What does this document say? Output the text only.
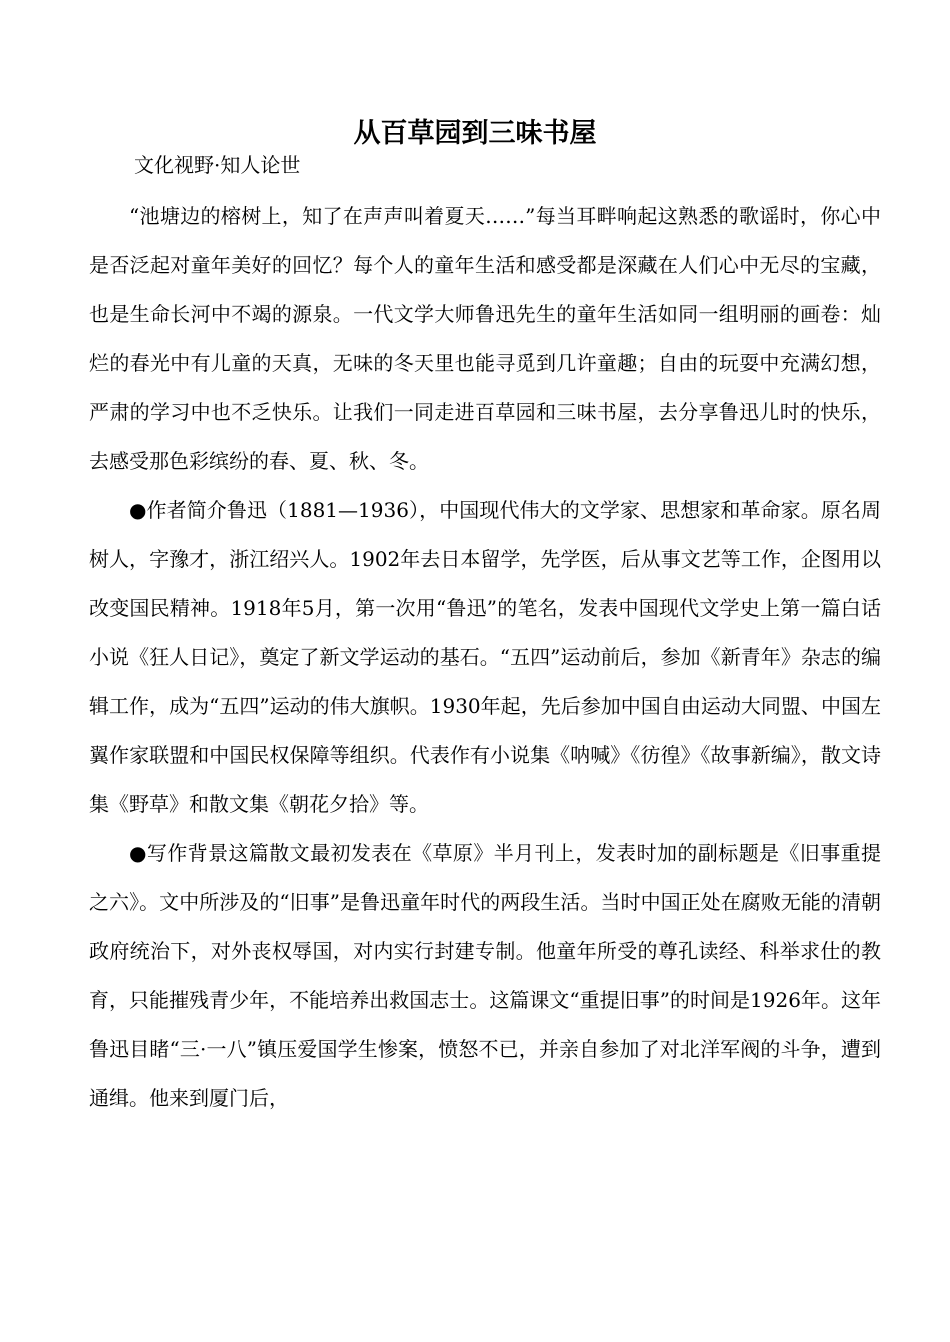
从百草园到三味书屋
文化视野·知人论世

“池塘边的榕树上，知了在声声叫着夏天……”每当耳畔响起这熟悉的歌谣时，你心中是否泛起对童年美好的回忆？每个人的童年生活和感受都是深藏在人们心中无尽的宝藏，也是生命长河中不竭的源泉。一代文学大师鲁迅先生的童年生活如同一组明丽的画卷：灿烂的春光中有儿童的天真，无味的冬天里也能寻觅到几许童趣；自由的玩耍中充满幻想，严肃的学习中也不乏快乐。让我们一同走进百草园和三味书屋，去分享鲁迅儿时的快乐，去感受那色彩缤纷的春、夏、秋、冬。

●作者简介鲁迅（1881—1936），中国现代伟大的文学家、思想家和革命家。原名周树人，字豫才，浙江绍兴人。1902年去日本留学，先学医，后从事文艺等工作，企图用以改变国民精神。1918年5月，第一次用“鲁迅”的笔名，发表中国现代文学史上第一篇白话小说《狂人日记》，奠定了新文学运动的基石。“五四”运动前后，参加《新青年》杂志的编辑工作，成为“五四”运动的伟大旗帜。1930年起，先后参加中国自由运动大同盟、中国左翼作家联盟和中国民权保障等组织。代表作有小说集《呐喊》《彷徨》《故事新编》，散文诗集《野草》和散文集《朝花夕拾》等。

●写作背景这篇散文最初发表在《草原》半月刊上，发表时加的副标题是《旧事重提之六》。文中所涉及的“旧事”是鲁迅童年时代的两段生活。当时中国正处在腐败无能的清朝政府统治下，对外丧权辱国，对内实行封建专制。他童年所受的尊孔读经、科举求仕的教育，只能摧残青少年，不能培养出救国志士。这篇课文“重提旧事”的时间是1926年。这年鲁迅目睹“三·一八”镇压爱国学生惨案，愤怒不已，并亲自参加了对北洋军阀的斗争，遭到通缉。他来到厦门后，
